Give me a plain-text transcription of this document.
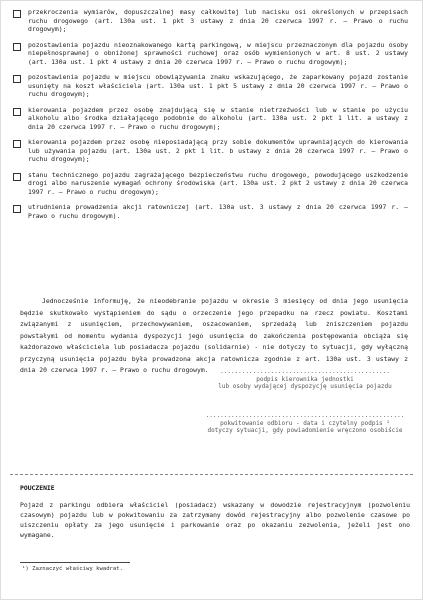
przekroczenia wymiarów, dopuszczalnej masy całkowitej lub nacisku osi określonych w przepisach ruchu drogowego (art. 130a ust. 1 pkt 3 ustawy z dnia 20 czerwca 1997 r. — Prawo o ruchu drogowym);
pozostawienia pojazdu nieoznakowanego kartą parkingową, w miejscu przeznaczonym dla pojazdu osoby niepełnosprawnej o obniżonej sprawności ruchowej oraz osób wymienionych w art. 8 ust. 2 ustawy (art. 130a ust. 1 pkt 4 ustawy z dnia 20 czerwca 1997 r. — Prawo o ruchu drogowym);
pozostawienia pojazdu w miejscu obowiązywania znaku wskazującego, że zaparkowany pojazd zostanie usunięty na koszt właściciela (art. 130a ust. 1 pkt 5 ustawy z dnia 20 czerwca 1997 r. — Prawo o ruchu drogowym);
kierowania pojazdem przez osobę znajdującą się w stanie nietrzeźwości lub w stanie po użyciu alkoholu albo środka działającego podobnie do alkoholu (art. 130a ust. 2 pkt 1 lit. a ustawy z dnia 20 czerwca 1997 r. — Prawo o ruchu drogowym);
kierowania pojazdem przez osobę nieposiadającą przy sobie dokumentów uprawniających do kierowania lub używania pojazdu (art. 130a ust. 2 pkt 1 lit. b ustawy z dnia 20 czerwca 1997 r. — Prawo o ruchu drogowym);
stanu technicznego pojazdu zagrażającego bezpieczeństwu ruchu drogowego, powodującego uszkodzenie drogi albo naruszenie wymagań ochrony środowiska (art. 130a ust. 2 pkt 2 ustawy z dnia 20 czerwca 1997 r. — Prawo o ruchu drogowym);
utrudnienia prowadzenia akcji ratowniczej (art. 130a ust. 3 ustawy z dnia 20 czerwca 1997 r. — Prawo o ruchu drogowym).
Jednocześnie informuję, że nieodebranie pojazdu w okresie 3 miesięcy od dnia jego usunięcia będzie skutkowało wystąpieniem do sądu o orzeczenie jego przepadku na rzecz powiatu. Kosztami związanymi z usunięciem, przechowywaniem, oszacowaniem, sprzedażą lub zniszczeniem pojazdu powstałymi od momentu wydania dyspozycji jego usunięcia do zakończenia postępowania obciąża się każdorazowo właściciela lub posiadacza pojazdu (solidarnie) - nie dotyczy to sytuacji, gdy wyłączną przyczyną usunięcia pojazdu była prowadzona akcja ratownicza zgodnie z art. 130a ust. 3 ustawy z dnia 20 czerwca 1997 r. — Prawo o ruchu drogowym.	...............................................
podpis kierownika jednostki
lub osoby wydającej dyspozycję usunięcia pojazdu
.......................................................
pokwitowanie odbioru - data i czytelny podpis ¹
dotyczy sytuacji, gdy powiadomienie wręczono osobiście
POUCZENIE
Pojazd z parkingu odbiera właściciel (posiadacz) wskazany w dowodzie rejestracyjnym (pozwoleniu czasowym) pojazdu lub w pokwitowaniu za zatrzymany dowód rejestracyjny albo pozwolenie czasowe po uiszczeniu opłaty za jego usunięcie i parkowanie oraz po okazaniu zezwolenia, jeżeli jest ono wymagane.
¹) Zaznaczyć właściwy kwadrat.
